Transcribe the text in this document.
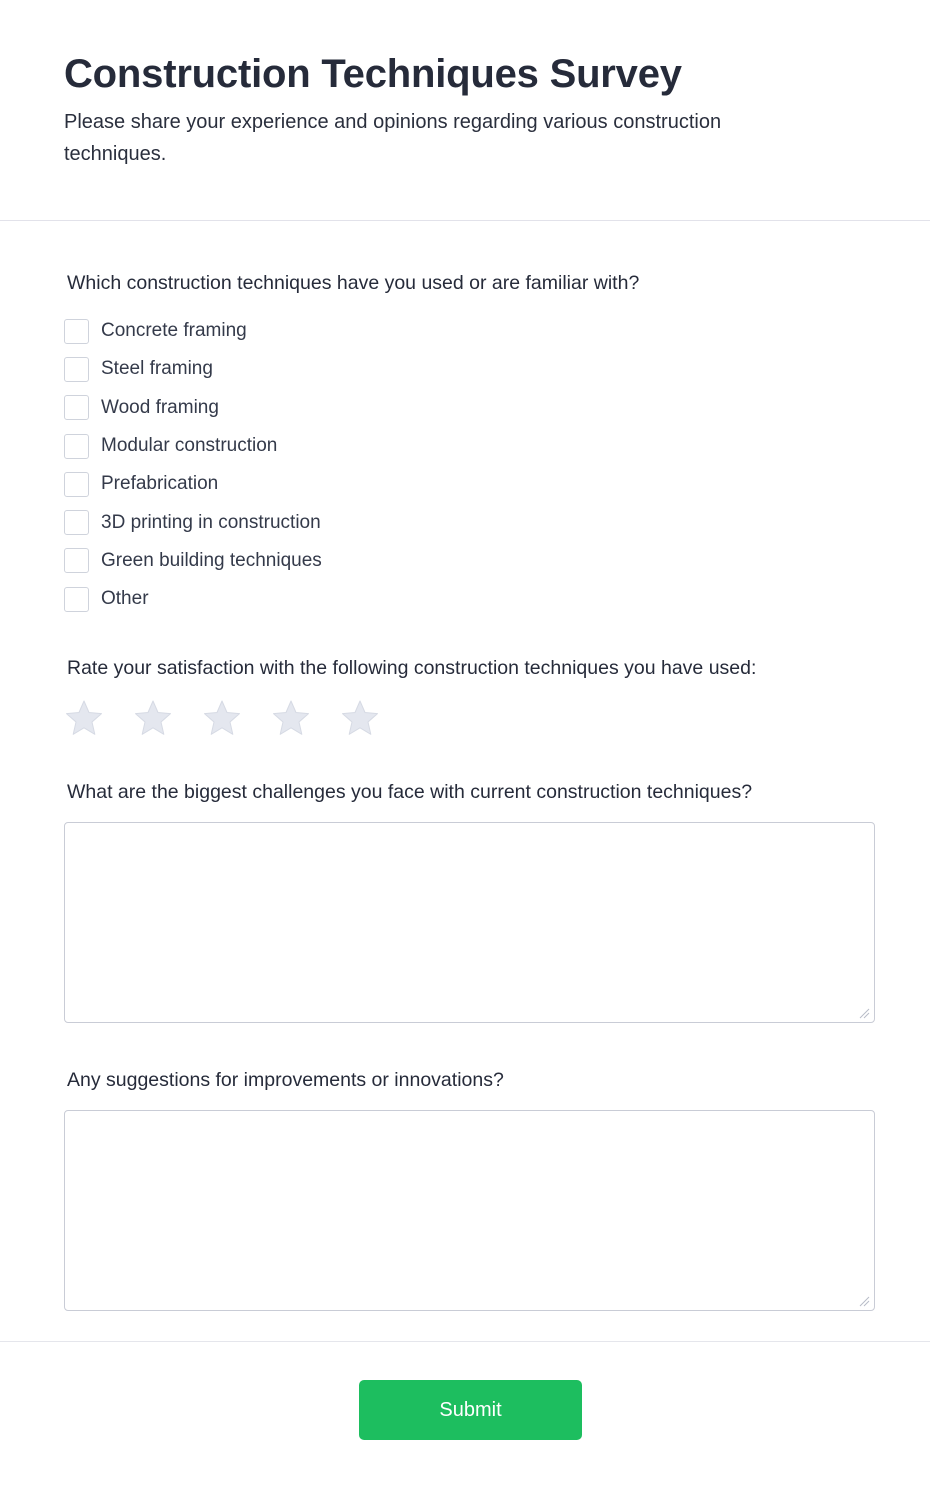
Construction Techniques Survey

Please share your experience and opinions regarding various construction techniques.

Which construction techniques have you used or are familiar with?
Concrete framing
Steel framing
Wood framing
Modular construction
Prefabrication
3D printing in construction
Green building techniques
Other
Rate your satisfaction with the following construction techniques you have used:
What are the biggest challenges you face with current construction techniques?
Any suggestions for improvements or innovations?
Submit
